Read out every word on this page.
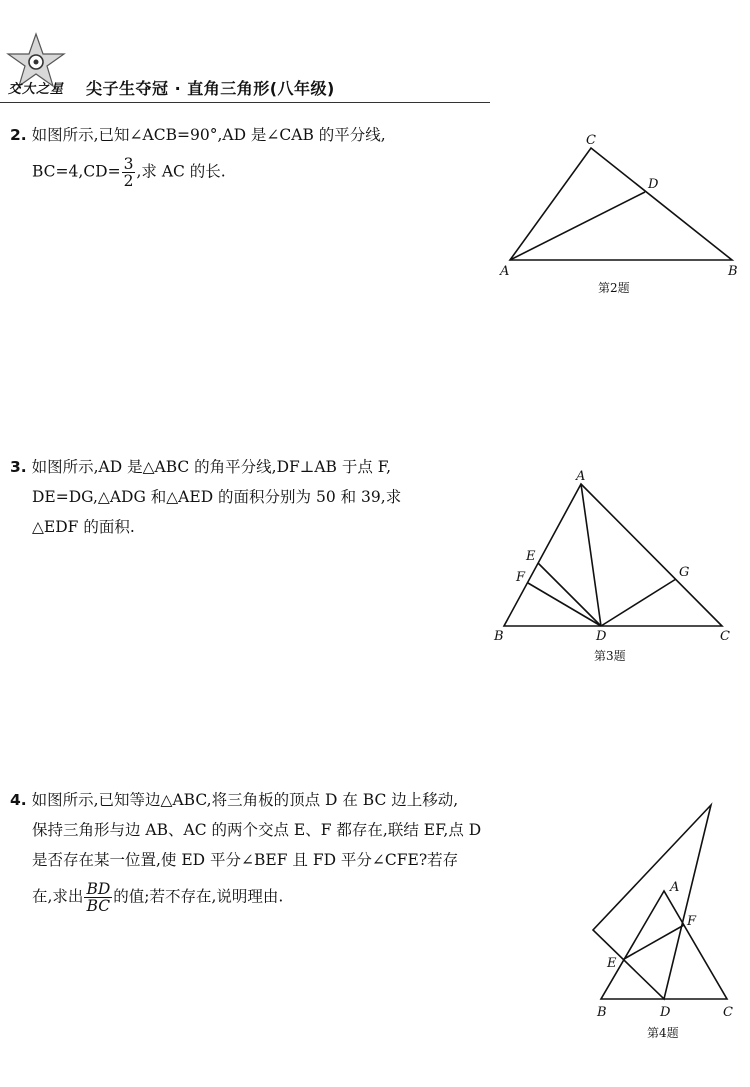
交大之星 尖子生夺冠 · 直角三角形(八年级)
2. 如图所示,已知∠ACB=90°,AD 是∠CAB 的平分线,
$BC=4,CD= \frac{3}{2}$ ,求 AC 的长.
C
D
A	B
第2题
3. 如图所示,AD 是△ABC 的角平分线,DF⊥AB 于点 F,
DE=DG,△ADG 和△AED 的面积分别为 50 和 39,求
△EDF 的面积.
A
E
F	G
B	D	C
第3题
4. 如图所示,已知等边△ABC,将三角板的顶点 D 在 BC 边上移动,
保持三角形与边 AB、AC 的两个交点 E、F 都存在,联结 EF,点 D
是否存在某一位置,使 ED 平分∠BEF 且 FD 平分∠CFE?若存
在,求出 $\frac{BD}{BC}$ 的值;若不存在,说明理由.	A
F
E
B	D	C
第4题
